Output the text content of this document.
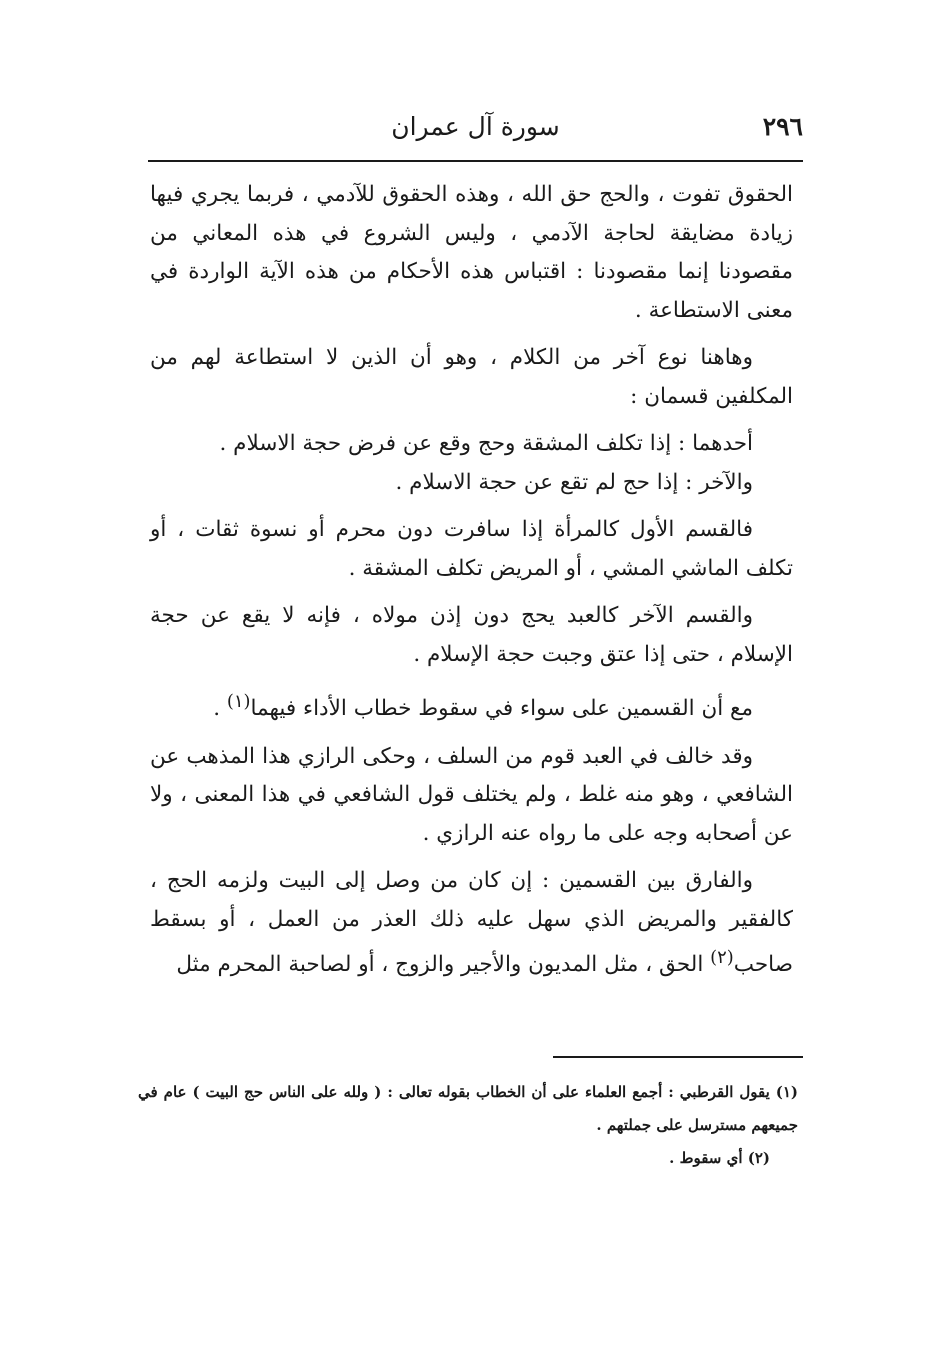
٢٩٦
سورة آل عمران

الحقوق تفوت ، والحج حق الله ، وهذه الحقوق للآدمي ، فربما يجري فيها زيادة مضايقة لحاجة الآدمي ، وليس الشروع في هذه المعاني من مقصودنا إنما مقصودنا : اقتباس هذه الأحكام من هذه الآية الواردة في معنى الاستطاعة .

وهاهنا نوع آخر من الكلام ، وهو أن الذين لا استطاعة لهم من المكلفين قسمان :

أحدهما : إذا تكلف المشقة وحج وقع عن فرض حجة الاسلام .

والآخر : إذا حج لم تقع عن حجة الاسلام .

فالقسم الأول كالمرأة إذا سافرت دون محرم أو نسوة ثقات ، أو تكلف الماشي المشي ، أو المريض تكلف المشقة .

والقسم الآخر كالعبد يحج دون إذن مولاه ، فإنه لا يقع عن حجة الإسلام ، حتى إذا عتق وجبت حجة الإسلام .

مع أن القسمين على سواء في سقوط خطاب الأداء فيهما$^{(١)}$ .

وقد خالف في العبد قوم من السلف ، وحكى الرازي هذا المذهب عن الشافعي ، وهو منه غلط ، ولم يختلف قول الشافعي في هذا المعنى ، ولا عن أصحابه وجه على ما رواه عنه الرازي .

والفارق بين القسمين : إن كان من وصل إلى البيت ولزمه الحج ، كالفقير والمريض الذي سهل عليه ذلك العذر من العمل ، أو بسقط صاحب$^{(٢)}$ الحق ، مثل المديون والأجير والزوج ، أو لصاحبة المحرم مثل

(١) يقول القرطبي : أجمع العلماء على أن الخطاب بقوله تعالى : ( ولله على الناس حج البيت ) عام في جميعهم مسترسل على جملتهم .

(٢) أي سقوط .
